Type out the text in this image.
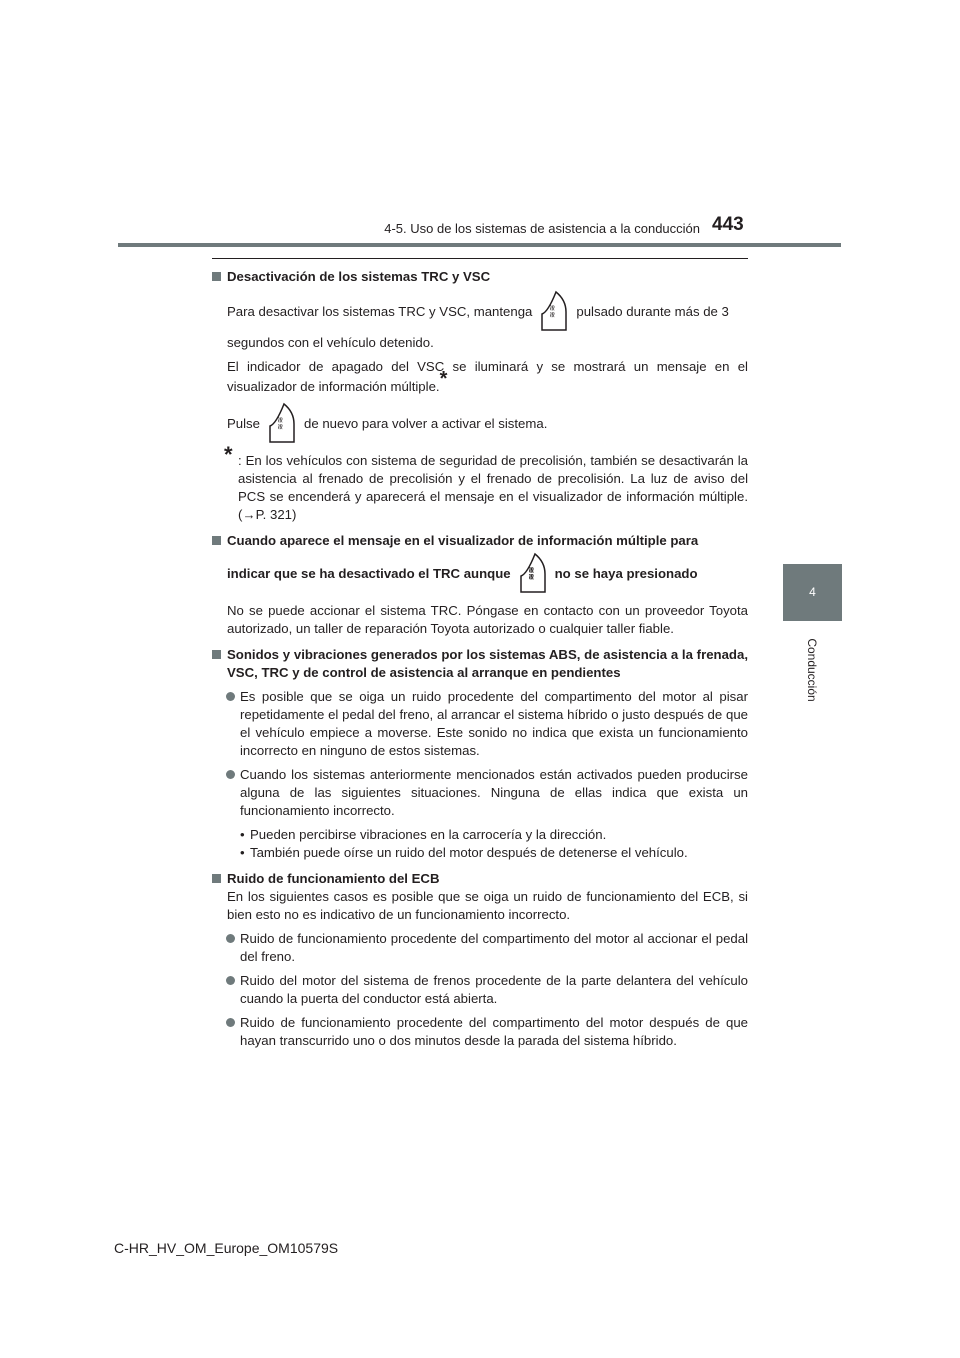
4-5. Uso de los sistemas de asistencia a la conducción 443
4
Conducción
Desactivación de los sistemas TRC y VSC
Para desactivar los sistemas TRC y VSC, mantenga ≋≋ pulsado durante más de 3
segundos con el vehículo detenido.
El indicador de apagado del VSC se iluminará y se mostrará un mensaje en el visualizador de información múltiple.*
Pulse ≋≋ de nuevo para volver a activar el sistema.
* : En los vehículos con sistema de seguridad de precolisión, también se desactivarán la asistencia al frenado de precolisión y el frenado de precolisión. La luz de aviso del PCS se encenderá y aparecerá el mensaje en el visualizador de información múltiple. (→P. 321)
Cuando aparece el mensaje en el visualizador de información múltiple para
indicar que se ha desactivado el TRC aunque ≋≋ no se haya presionado
No se puede accionar el sistema TRC. Póngase en contacto con un proveedor Toyota autorizado, un taller de reparación Toyota autorizado o cualquier taller fiable.
Sonidos y vibraciones generados por los sistemas ABS, de asistencia a la frenada, VSC, TRC y de control de asistencia al arranque en pendientes
Es posible que se oiga un ruido procedente del compartimento del motor al pisar repetidamente el pedal del freno, al arrancar el sistema híbrido o justo después de que el vehículo empiece a moverse. Este sonido no indica que exista un funcionamiento incorrecto en ninguno de estos sistemas.
Cuando los sistemas anteriormente mencionados están activados pueden producirse alguna de las siguientes situaciones. Ninguna de ellas indica que exista un funcionamiento incorrecto.
• Pueden percibirse vibraciones en la carrocería y la dirección.
• También puede oírse un ruido del motor después de detenerse el vehículo.
Ruido de funcionamiento del ECB
En los siguientes casos es posible que se oiga un ruido de funcionamiento del ECB, si bien esto no es indicativo de un funcionamiento incorrecto.
Ruido de funcionamiento procedente del compartimento del motor al accionar el pedal del freno.
Ruido del motor del sistema de frenos procedente de la parte delantera del vehículo cuando la puerta del conductor está abierta.
Ruido de funcionamiento procedente del compartimento del motor después de que hayan transcurrido uno o dos minutos desde la parada del sistema híbrido.
C-HR_HV_OM_Europe_OM10579S
